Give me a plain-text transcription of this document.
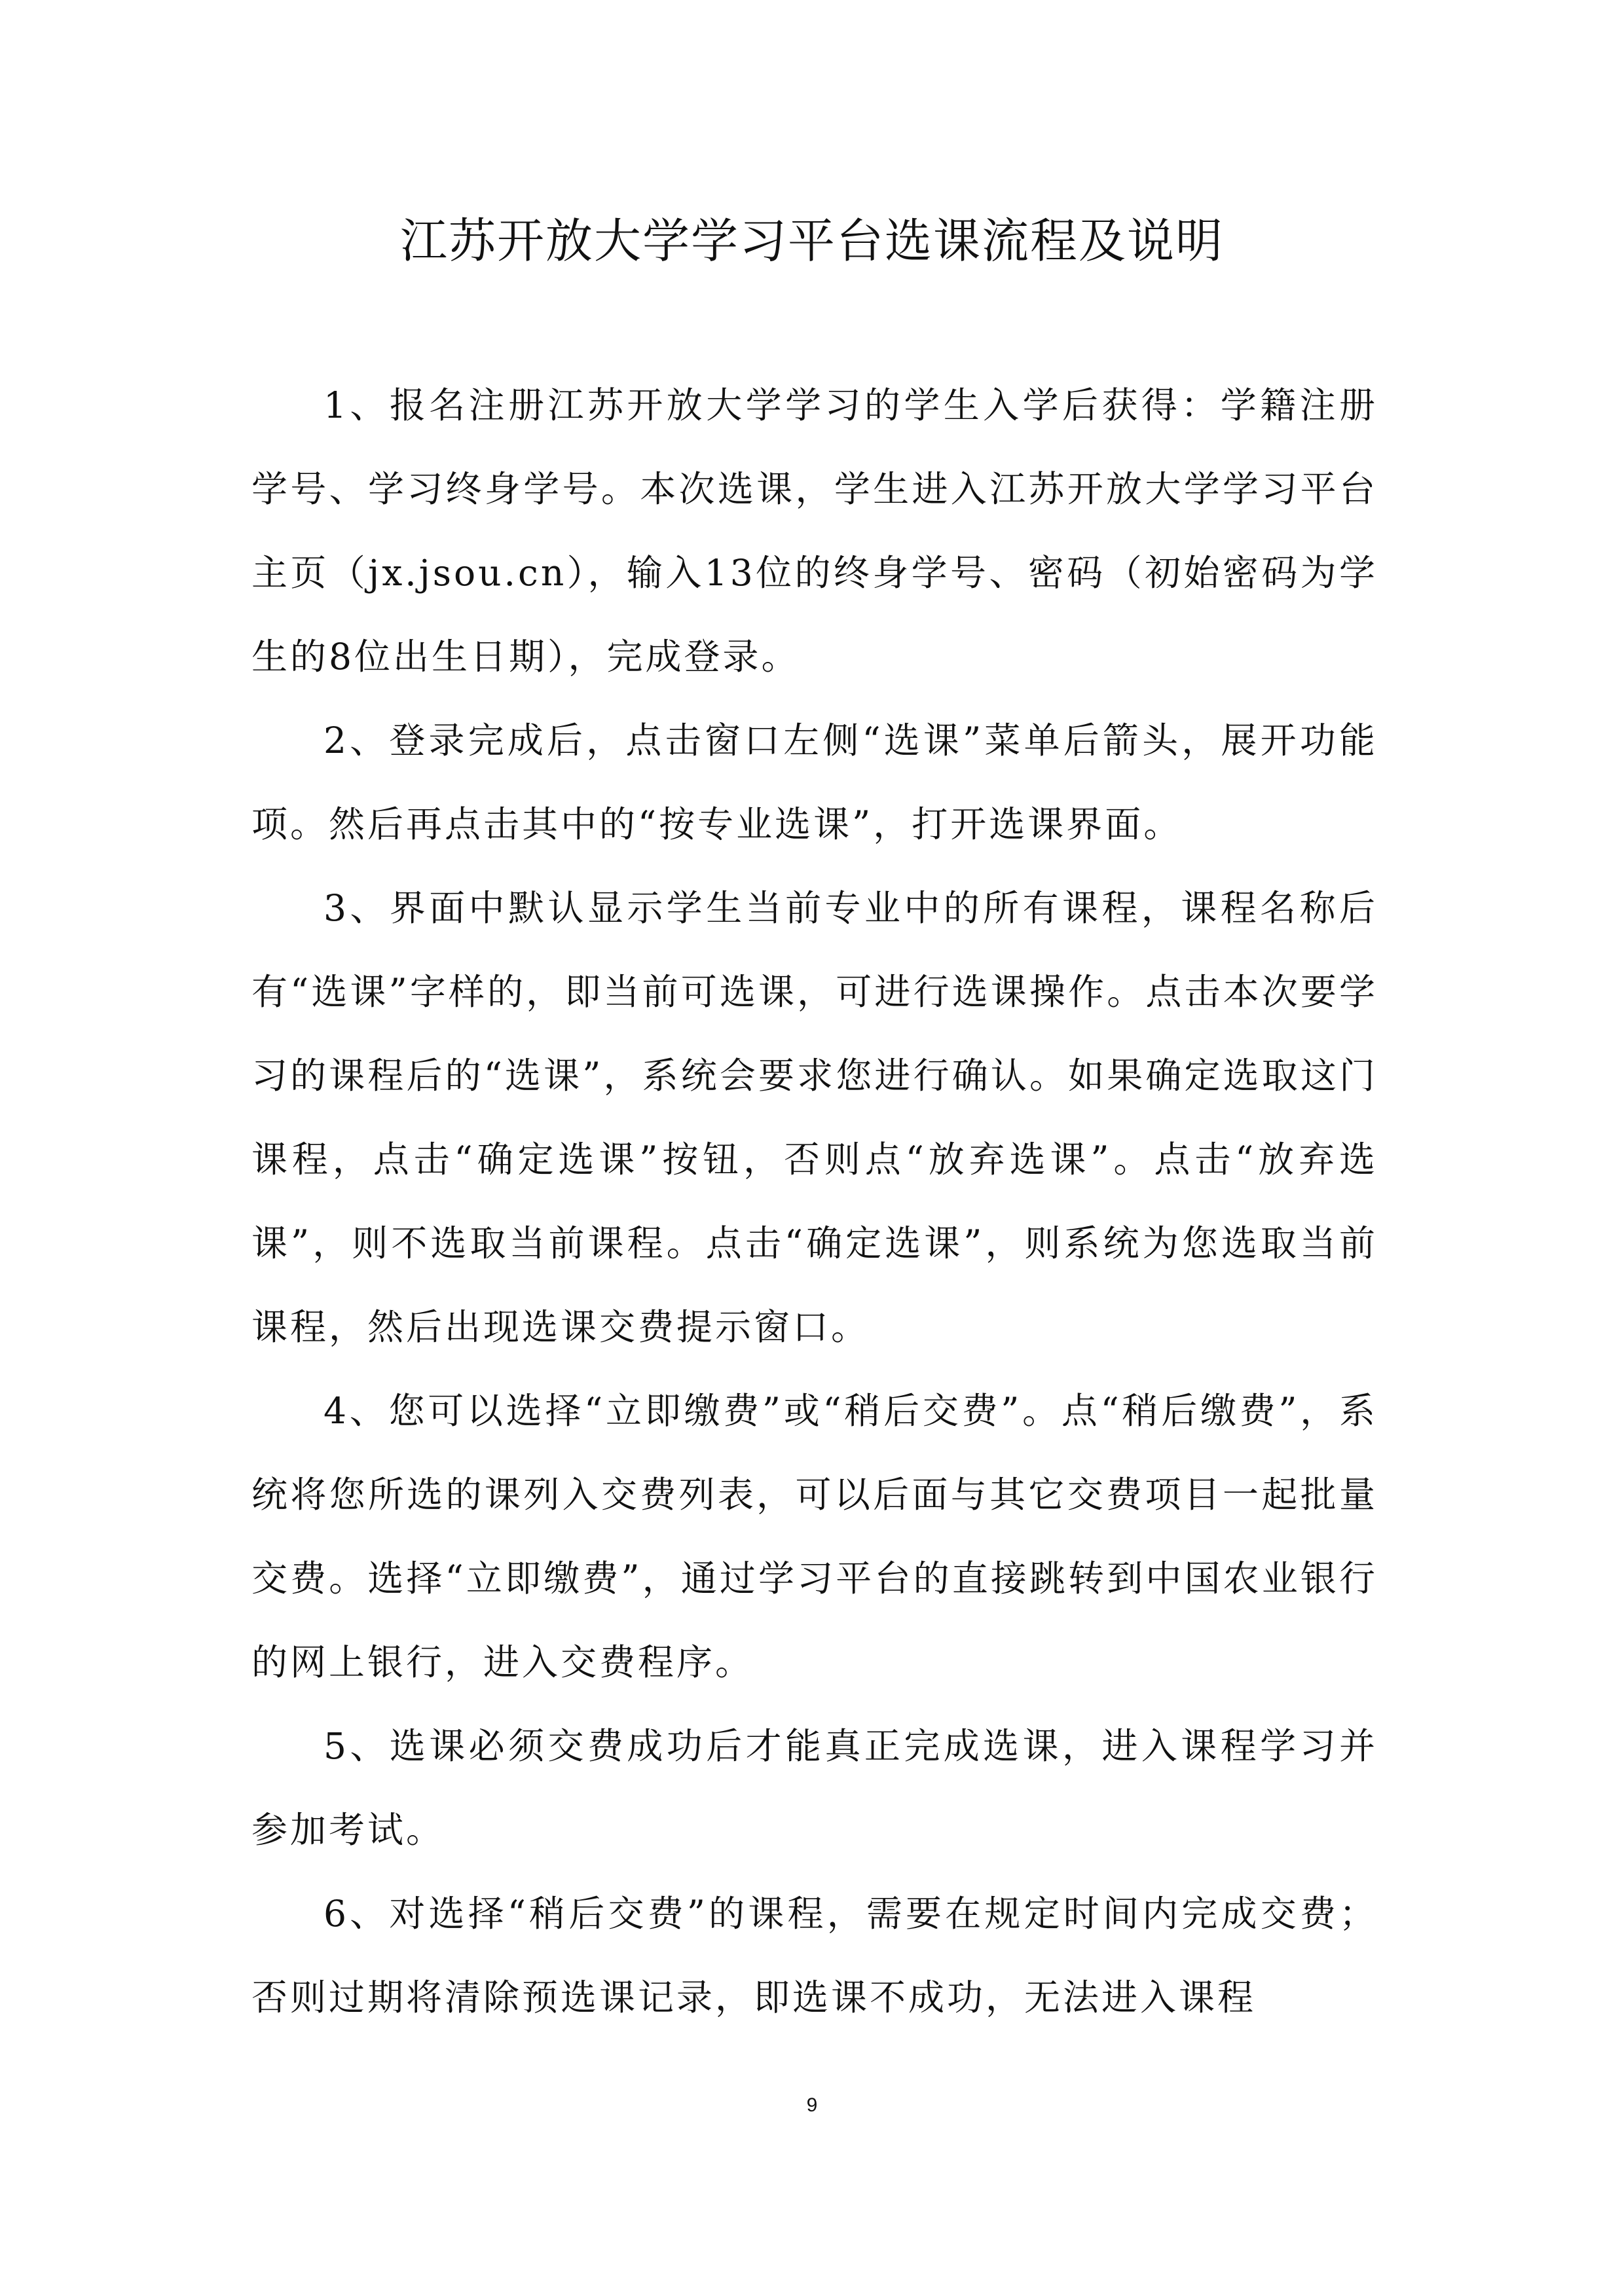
江苏开放大学学习平台选课流程及说明

1、报名注册江苏开放大学学习的学生入学后获得：学籍注册学号、学习终身学号。本次选课，学生进入江苏开放大学学习平台主页（jx.jsou.cn），输入13位的终身学号、密码（初始密码为学生的8位出生日期），完成登录。

2、登录完成后，点击窗口左侧“选课”菜单后箭头，展开功能项。然后再点击其中的“按专业选课”，打开选课界面。

3、界面中默认显示学生当前专业中的所有课程，课程名称后有“选课”字样的，即当前可选课，可进行选课操作。点击本次要学习的课程后的“选课”，系统会要求您进行确认。如果确定选取这门课程，点击“确定选课”按钮，否则点“放弃选课”。点击“放弃选课”，则不选取当前课程。点击“确定选课”，则系统为您选取当前课程，然后出现选课交费提示窗口。

4、您可以选择“立即缴费”或“稍后交费”。点“稍后缴费”，系统将您所选的课列入交费列表，可以后面与其它交费项目一起批量交费。选择“立即缴费”，通过学习平台的直接跳转到中国农业银行的网上银行，进入交费程序。

5、选课必须交费成功后才能真正完成选课，进入课程学习并参加考试。

6、对选择“稍后交费”的课程，需要在规定时间内完成交费；否则过期将清除预选课记录，即选课不成功，无法进入课程

9
